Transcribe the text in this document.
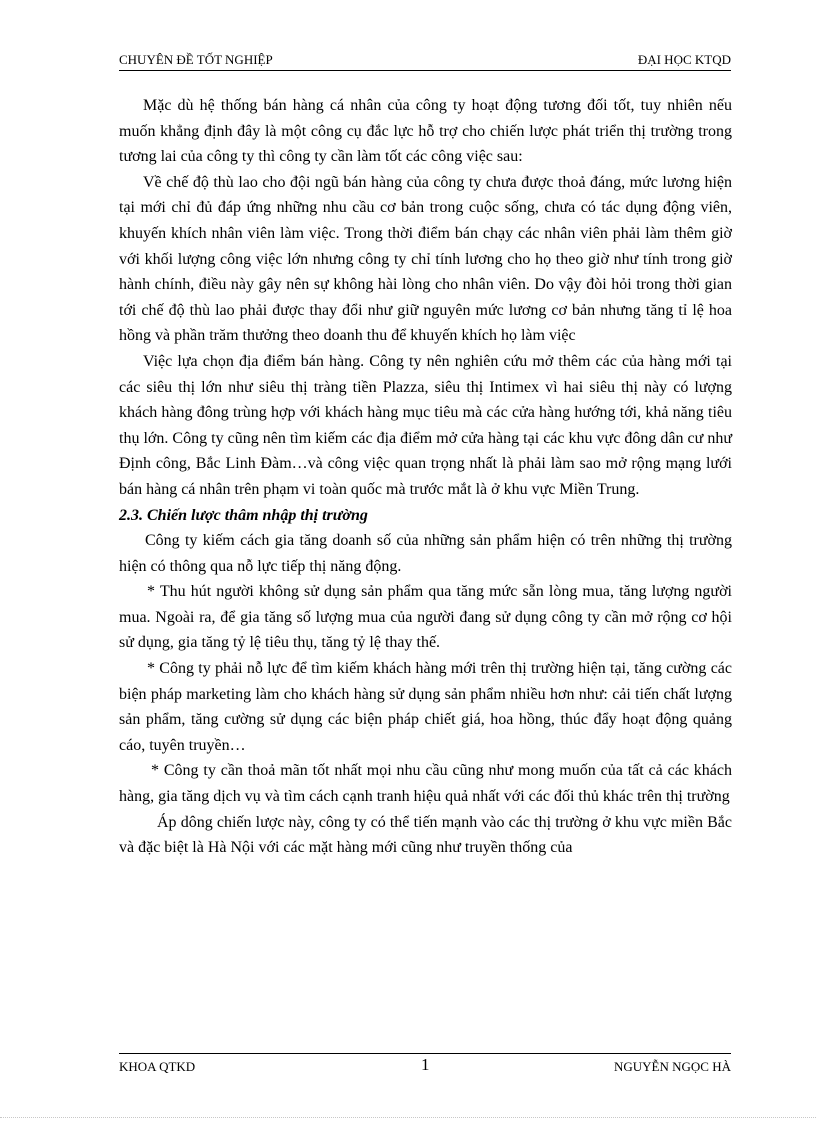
CHUYÊN ĐỀ TỐT NGHIỆP	ĐẠI HỌC KTQD

Mặc dù hệ thống bán hàng cá nhân của công ty hoạt động tương đối tốt, tuy nhiên nếu muốn khẳng định đây là một công cụ đắc lực hỗ trợ cho chiến lược phát triển thị trường trong tương lai của công ty thì công ty cần làm tốt các công việc sau:

Về chế độ thù lao cho đội ngũ bán hàng của công ty chưa được thoả đáng, mức lương hiện tại mới chỉ đủ đáp ứng những nhu cầu cơ bản trong cuộc sống, chưa có tác dụng động viên, khuyến khích nhân viên làm việc. Trong thời điểm bán chạy các nhân viên phải làm thêm giờ với khối lượng công việc lớn nhưng công ty chỉ tính lương cho họ theo giờ như tính trong giờ hành chính, điều này gây nên sự không hài lòng cho nhân viên. Do vậy đòi hỏi trong thời gian tới chế độ thù lao phải được thay đổi như giữ nguyên mức lương cơ bản nhưng tăng tỉ lệ hoa hồng và phần trăm thưởng theo doanh thu để khuyến khích họ làm việc

Việc lựa chọn địa điểm bán hàng. Công ty nên nghiên cứu mở thêm các của hàng mới tại các siêu thị lớn như siêu thị tràng tiền Plazza, siêu thị Intimex vì hai siêu thị này có lượng khách hàng đông trùng hợp với khách hàng mục tiêu mà các cửa hàng hướng tới, khả năng tiêu thụ lớn. Công ty cũng nên tìm kiếm các địa điểm mở cửa hàng tại các khu vực đông dân cư như Định công, Bắc Linh Đàm…và công việc quan trọng nhất là phải làm sao mở rộng mạng lưới bán hàng cá nhân trên phạm vi toàn quốc mà trước mắt là ở khu vực Miền Trung.

2.3. Chiến lược thâm nhập thị trường

Công ty kiếm cách gia tăng doanh số của những sản phẩm hiện có trên những thị trường hiện có thông qua nỗ lực tiếp thị năng động.

* Thu hút người không sử dụng sản phẩm qua tăng mức sẵn lòng mua, tăng lượng người mua. Ngoài ra, để gia tăng số lượng mua của người đang sử dụng công ty cần mở rộng cơ hội sử dụng, gia tăng tỷ lệ tiêu thụ, tăng tỷ lệ thay thế.

* Công ty phải nỗ lực để tìm kiếm khách hàng mới trên thị trường hiện tại, tăng cường các biện pháp marketing làm cho khách hàng sử dụng sản phẩm nhiều hơn như: cải tiến chất lượng sản phẩm, tăng cường sử dụng các biện pháp chiết giá, hoa hồng, thúc đẩy hoạt động quảng cáo, tuyên truyền…

* Công ty cần thoả mãn tốt nhất mọi nhu cầu cũng như mong muốn của tất cả các khách hàng, gia tăng dịch vụ và tìm cách cạnh tranh hiệu quả nhất với các đối thủ khác trên thị trường

Áp dông chiến lược này, công ty có thể tiến mạnh vào các thị trường ở khu vực miền Bắc và đặc biệt là Hà Nội với các mặt hàng mới cũng như truyền thống của

KHOA QTKD	1	NGUYỄN NGỌC HÀ
